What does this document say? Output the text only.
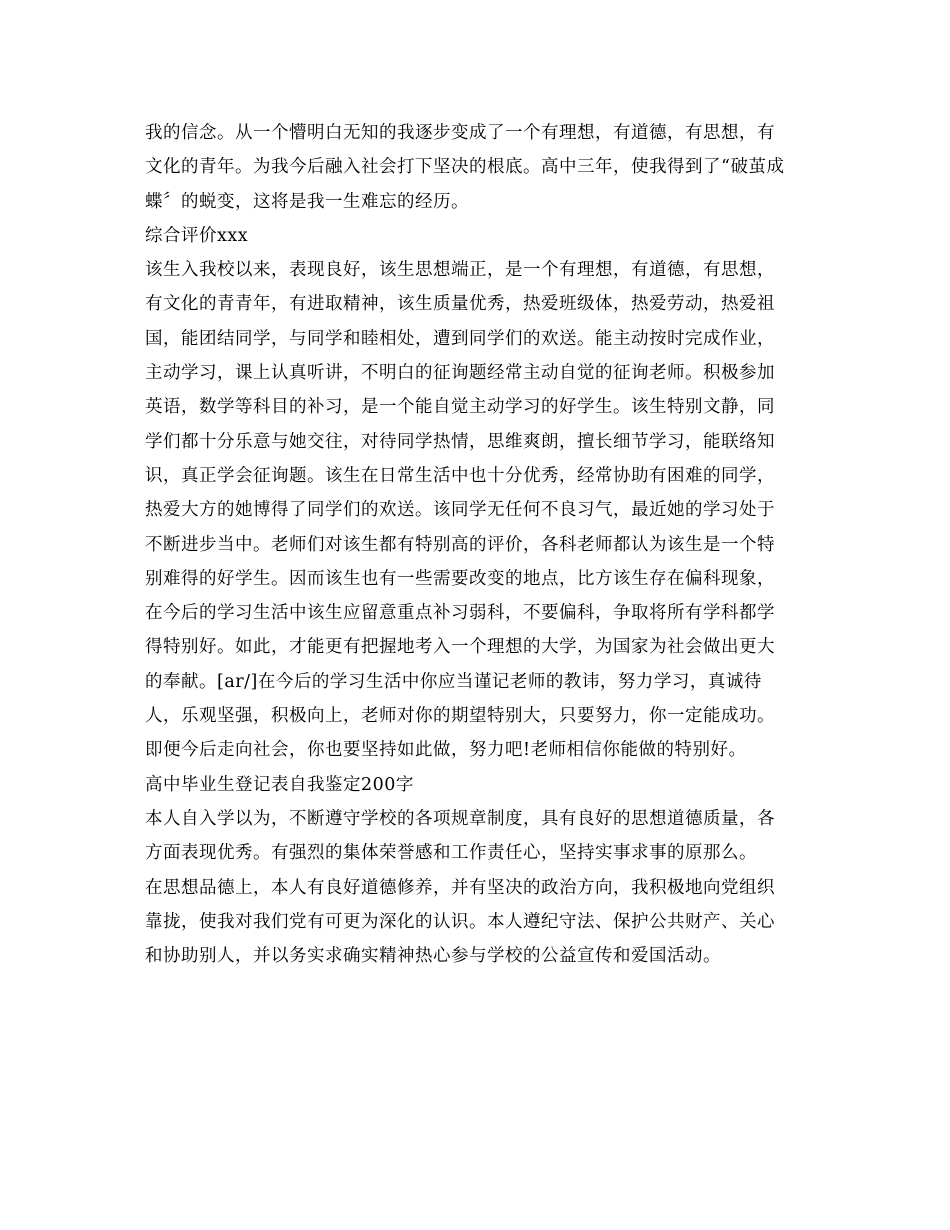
我的信念。从一个懵明白无知的我逐步变成了一个有理想，有道德，有思想，有
文化的青年。为我今后融入社会打下坚决的根底。高中三年，使我得到了“破茧成
蝶〞的蜕变，这将是我一生难忘的经历。
综合评价xxx
该生入我校以来，表现良好，该生思想端正，是一个有理想，有道德，有思想，
有文化的青青年，有进取精神，该生质量优秀，热爱班级体，热爱劳动，热爱祖
国，能团结同学，与同学和睦相处，遭到同学们的欢送。能主动按时完成作业，
主动学习，课上认真听讲，不明白的征询题经常主动自觉的征询老师。积极参加
英语，数学等科目的补习，是一个能自觉主动学习的好学生。该生特别文静，同
学们都十分乐意与她交往，对待同学热情，思维爽朗，擅长细节学习，能联络知
识，真正学会征询题。该生在日常生活中也十分优秀，经常协助有困难的同学，
热爱大方的她博得了同学们的欢送。该同学无任何不良习气，最近她的学习处于
不断进步当中。老师们对该生都有特别高的评价，各科老师都认为该生是一个特
别难得的好学生。因而该生也有一些需要改变的地点，比方该生存在偏科现象，
在今后的学习生活中该生应留意重点补习弱科，不要偏科，争取将所有学科都学
得特别好。如此，才能更有把握地考入一个理想的大学，为国家为社会做出更大
的奉献。[ar/]在今后的学习生活中你应当谨记老师的教讳，努力学习，真诚待
人，乐观坚强，积极向上，老师对你的期望特别大，只要努力，你一定能成功。
即便今后走向社会，你也要坚持如此做，努力吧!老师相信你能做的特别好。
高中毕业生登记表自我鉴定200字
本人自入学以为，不断遵守学校的各项规章制度，具有良好的思想道德质量，各
方面表现优秀。有强烈的集体荣誉感和工作责任心，坚持实事求事的原那么。
在思想品德上，本人有良好道德修养，并有坚决的政治方向，我积极地向党组织
靠拢，使我对我们党有可更为深化的认识。本人遵纪守法、保护公共财产、关心
和协助别人，并以务实求确实精神热心参与学校的公益宣传和爱国活动。
